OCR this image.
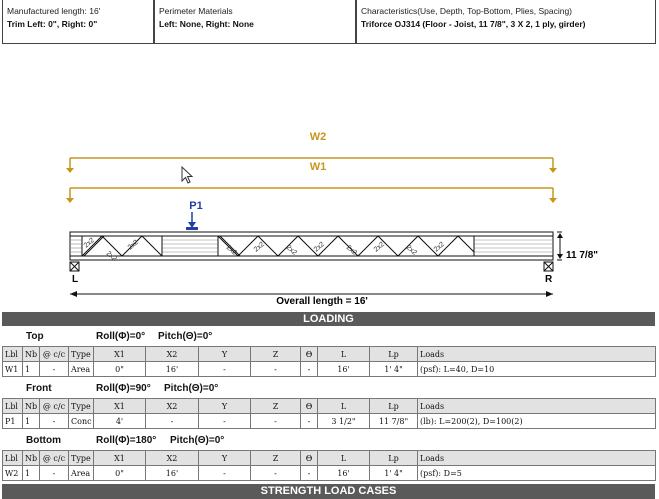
Manufactured length: 16'
Trim Left: 0", Right: 0"
Perimeter Materials
Left: None, Right: None
Characteristics(Use, Depth, Top-Bottom, Plies, Spacing)
Triforce OJ314 (Floor - Joist, 11 7/8", 3 X 2, 1 ply, girder)
W2
W1
P1
2x2
2x2
2x2	2x2 2x2	2x2 2x2	2x2 2x2	2x2 2x2
L	R
11 7/8"
Overall length = 16'
LOADING
Top	Roll(Φ)=0° Pitch(Θ)=0°
Lbl	Nb	@ c/c	Type	X1	X2	Y	Z	Θ	L	Lp	Loads
W1	1	-	Area	0"	16'	-	-	-	16'	1' 4"	(psf): L=40, D=10
Front	Roll(Φ)=90° Pitch(Θ)=0°
Lbl	Nb	@ c/c	Type	X1	X2	Y	Z	Θ	L	Lp	Loads
P1	1	-	Conc	4'	-	-	-	-	3 1/2"	11 7/8"	(lb): L=200(2), D=100(2)
Bottom	Roll(Φ)=180° Pitch(Θ)=0°
Lbl	Nb	@ c/c	Type	X1	X2	Y	Z	Θ	L	Lp	Loads
W2	1	-	Area	0"	16'	-	-	-	16'	1' 4"	(psf): D=5
STRENGTH LOAD CASES
